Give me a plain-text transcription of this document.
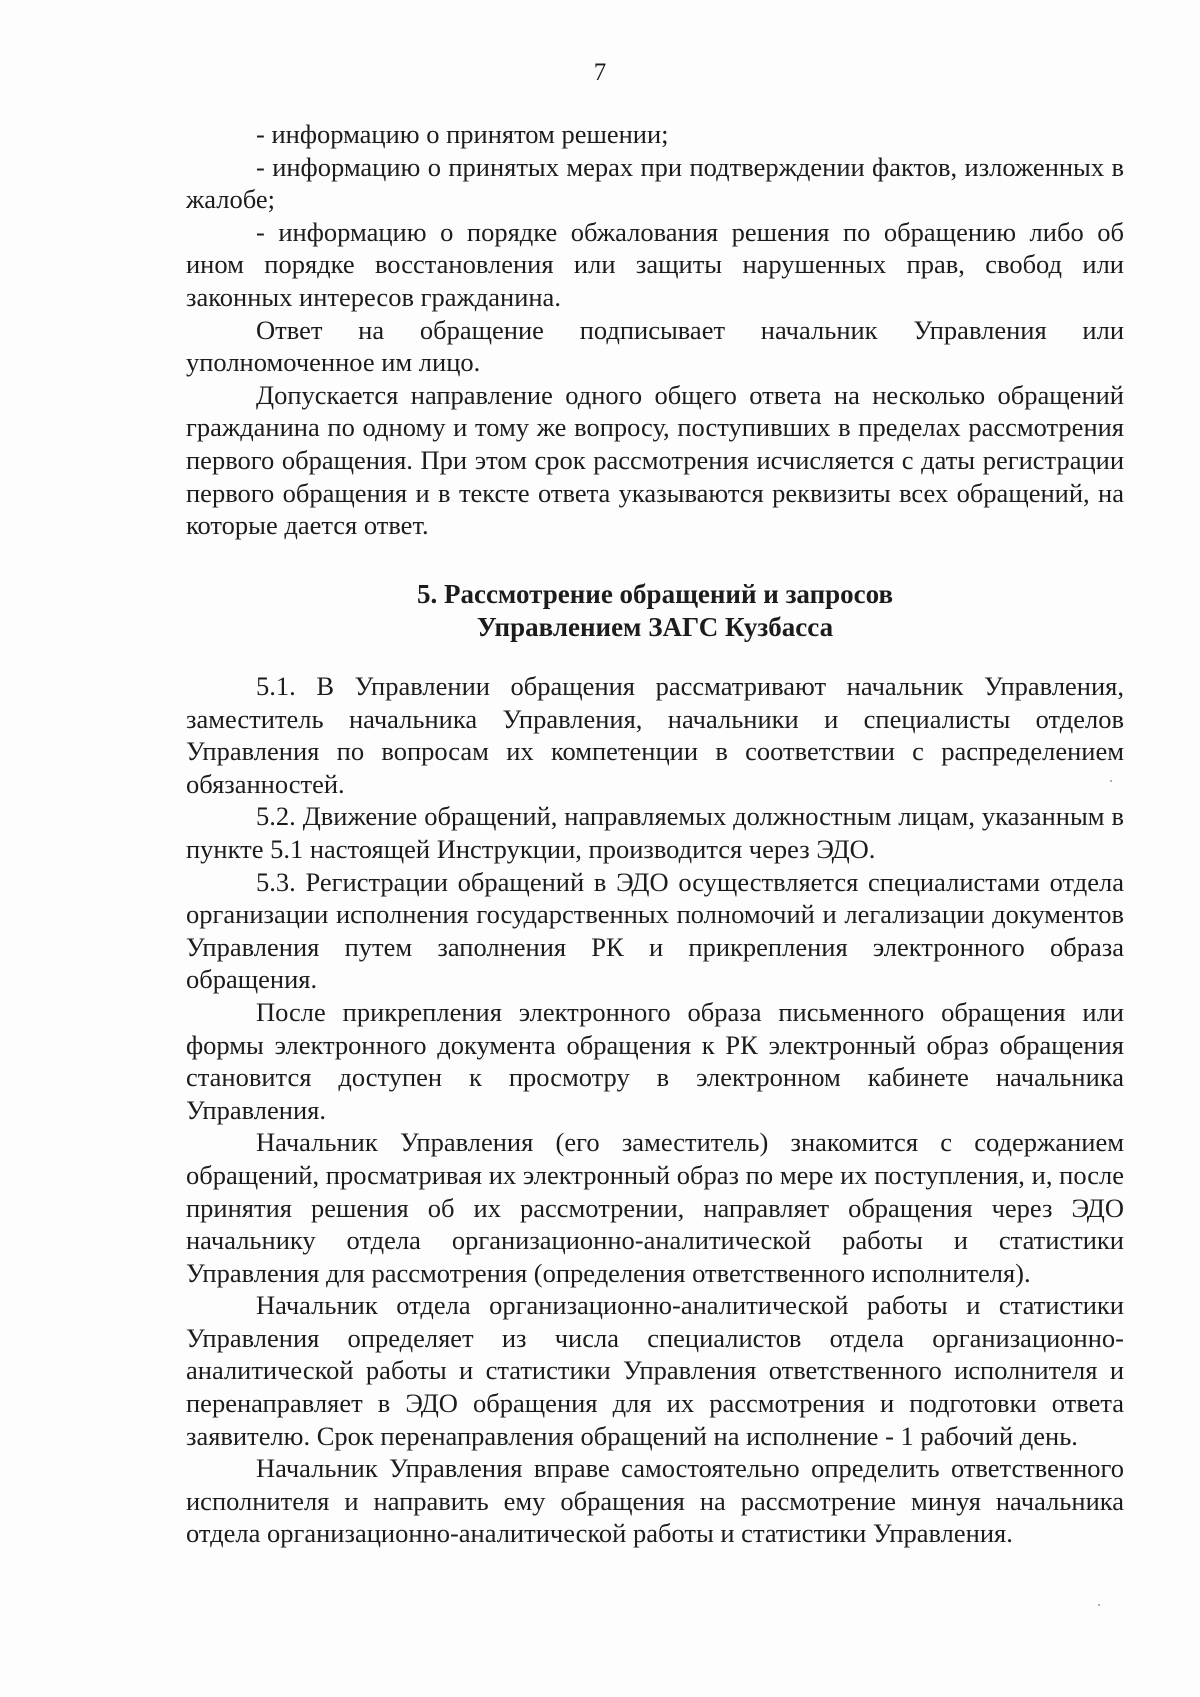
7

- информацию о принятом решении;

- информацию о принятых мерах при подтверждении фактов, изложенных в жалобе;

- информацию о порядке обжалования решения по обращению либо об ином порядке восстановления или защиты нарушенных прав, свобод или законных интересов гражданина.

Ответ на обращение подписывает начальник Управления или уполномоченное им лицо.

Допускается направление одного общего ответа на несколько обращений гражданина по одному и тому же вопросу, поступивших в пределах рассмотрения первого обращения. При этом срок рассмотрения исчисляется с даты регистрации первого обращения и в тексте ответа указываются реквизиты всех обращений, на которые дается ответ.

5. Рассмотрение обращений и запросов
Управлением ЗАГС Кузбасса

5.1. В Управлении обращения рассматривают начальник Управления, заместитель начальника Управления, начальники и специалисты отделов Управления по вопросам их компетенции в соответствии с распределением обязанностей.

5.2. Движение обращений, направляемых должностным лицам, указанным в пункте 5.1 настоящей Инструкции, производится через ЭДО.

5.3. Регистрации обращений в ЭДО осуществляется специалистами отдела организации исполнения государственных полномочий и легализации документов Управления путем заполнения РК и прикрепления электронного образа обращения.

После прикрепления электронного образа письменного обращения или формы электронного документа обращения к РК электронный образ обращения становится доступен к просмотру в электронном кабинете начальника Управления.

Начальник Управления (его заместитель) знакомится с содержанием обращений, просматривая их электронный образ по мере их поступления, и, после принятия решения об их рассмотрении, направляет обращения через ЭДО начальнику отдела организационно-аналитической работы и статистики Управления для рассмотрения (определения ответственного исполнителя).

Начальник отдела организационно-аналитической работы и статистики Управления определяет из числа специалистов отдела организационно-аналитической работы и статистики Управления ответственного исполнителя и перенаправляет в ЭДО обращения для их рассмотрения и подготовки ответа заявителю. Срок перенаправления обращений на исполнение - 1 рабочий день.

Начальник Управления вправе самостоятельно определить ответственного исполнителя и направить ему обращения на рассмотрение минуя начальника отдела организационно-аналитической работы и статистики Управления.
